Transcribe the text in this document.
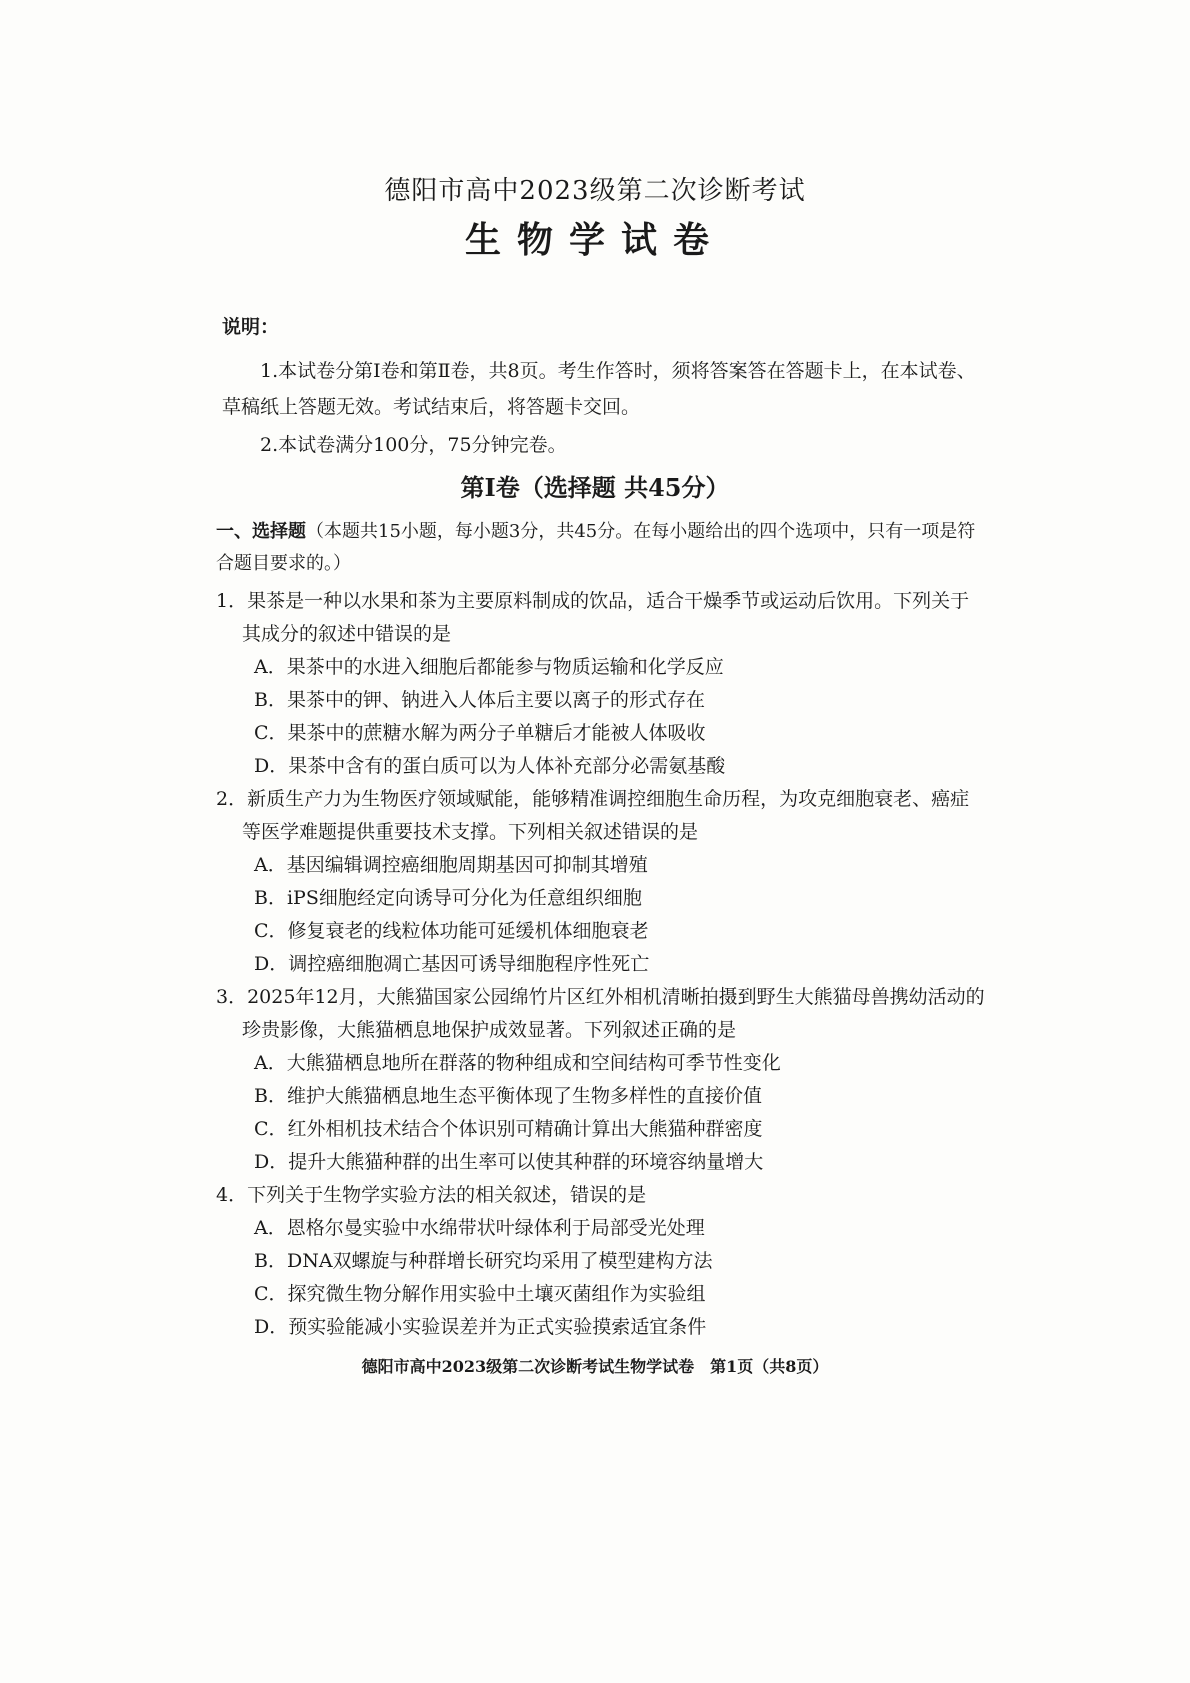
德阳市高中2023级第二次诊断考试
生物学试卷
说明：
1.本试卷分第Ⅰ卷和第Ⅱ卷，共8页。考生作答时，须将答案答在答题卡上，在本试卷、草稿纸上答题无效。考试结束后，将答题卡交回。
2.本试卷满分100分，75分钟完卷。
第Ⅰ卷（选择题 共45分）
一、选择题（本题共15小题，每小题3分，共45分。在每小题给出的四个选项中，只有一项是符合题目要求的。）
1．果茶是一种以水果和茶为主要原料制成的饮品，适合干燥季节或运动后饮用。下列关于其成分的叙述中错误的是
A．果茶中的水进入细胞后都能参与物质运输和化学反应
B．果茶中的钾、钠进入人体后主要以离子的形式存在
C．果茶中的蔗糖水解为两分子单糖后才能被人体吸收
D．果茶中含有的蛋白质可以为人体补充部分必需氨基酸
2．新质生产力为生物医疗领域赋能，能够精准调控细胞生命历程，为攻克细胞衰老、癌症等医学难题提供重要技术支撑。下列相关叙述错误的是
A．基因编辑调控癌细胞周期基因可抑制其增殖
B．iPS细胞经定向诱导可分化为任意组织细胞
C．修复衰老的线粒体功能可延缓机体细胞衰老
D．调控癌细胞凋亡基因可诱导细胞程序性死亡
3．2025年12月，大熊猫国家公园绵竹片区红外相机清晰拍摄到野生大熊猫母兽携幼活动的珍贵影像，大熊猫栖息地保护成效显著。下列叙述正确的是
A．大熊猫栖息地所在群落的物种组成和空间结构可季节性变化
B．维护大熊猫栖息地生态平衡体现了生物多样性的直接价值
C．红外相机技术结合个体识别可精确计算出大熊猫种群密度
D．提升大熊猫种群的出生率可以使其种群的环境容纳量增大
4．下列关于生物学实验方法的相关叙述，错误的是
A．恩格尔曼实验中水绵带状叶绿体利于局部受光处理
B．DNA双螺旋与种群增长研究均采用了模型建构方法
C．探究微生物分解作用实验中土壤灭菌组作为实验组
D．预实验能减小实验误差并为正式实验摸索适宜条件
德阳市高中2023级第二次诊断考试生物学试卷　第1页（共8页）
